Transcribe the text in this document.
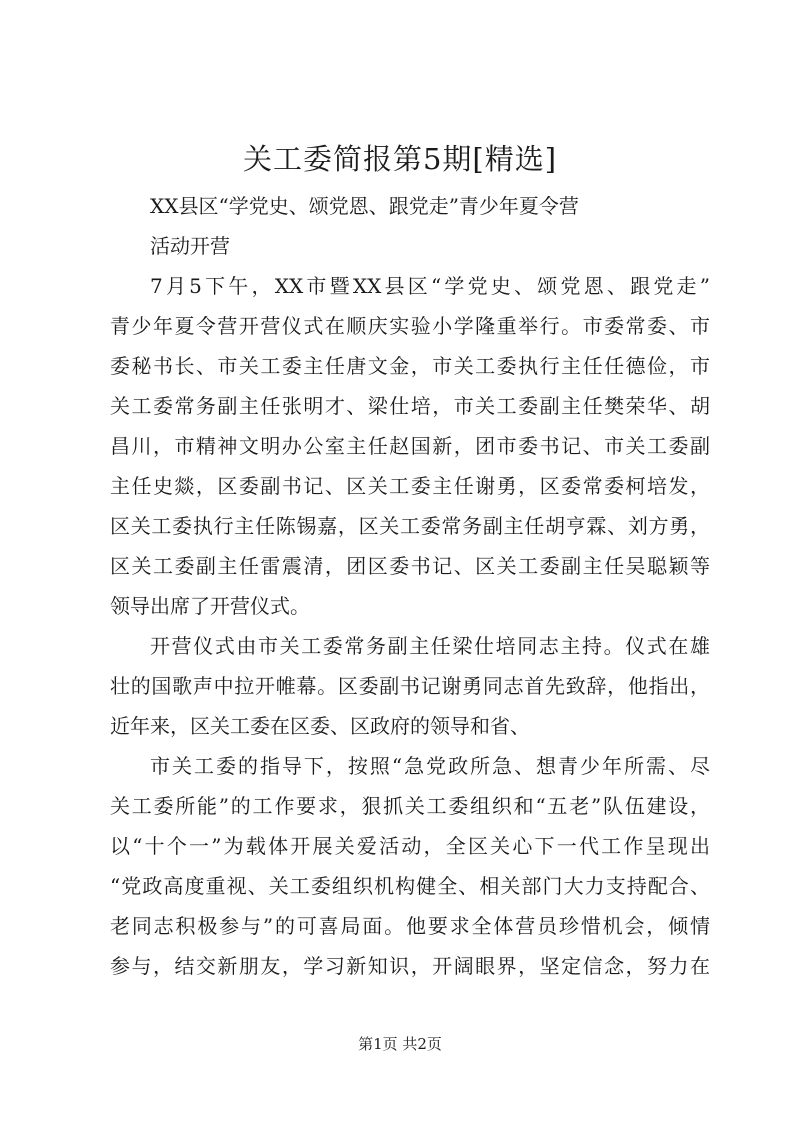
关工委简报第5期[精选]
XX县区“学党史、颂党恩、跟党走”青少年夏令营
活动开营
7月5下午，XX市暨XX县区“学党史、颂党恩、跟党走”
青少年夏令营开营仪式在顺庆实验小学隆重举行。市委常委、市
委秘书长、市关工委主任唐文金，市关工委执行主任任德俭，市
关工委常务副主任张明才、梁仕培，市关工委副主任樊荣华、胡
昌川，市精神文明办公室主任赵国新，团市委书记、市关工委副
主任史燚，区委副书记、区关工委主任谢勇，区委常委柯培发，
区关工委执行主任陈锡嘉，区关工委常务副主任胡亨霖、刘方勇，
区关工委副主任雷震清，团区委书记、区关工委副主任吴聪颖等
领导出席了开营仪式。
开营仪式由市关工委常务副主任梁仕培同志主持。仪式在雄
壮的国歌声中拉开帷幕。区委副书记谢勇同志首先致辞，他指出，
近年来，区关工委在区委、区政府的领导和省、
市关工委的指导下，按照“急党政所急、想青少年所需、尽
关工委所能”的工作要求，狠抓关工委组织和“五老”队伍建设，
以“十个一”为载体开展关爱活动，全区关心下一代工作呈现出
“党政高度重视、关工委组织机构健全、相关部门大力支持配合、
老同志积极参与”的可喜局面。他要求全体营员珍惜机会，倾情
参与，结交新朋友，学习新知识，开阔眼界，坚定信念，努力在
第1页 共2页
